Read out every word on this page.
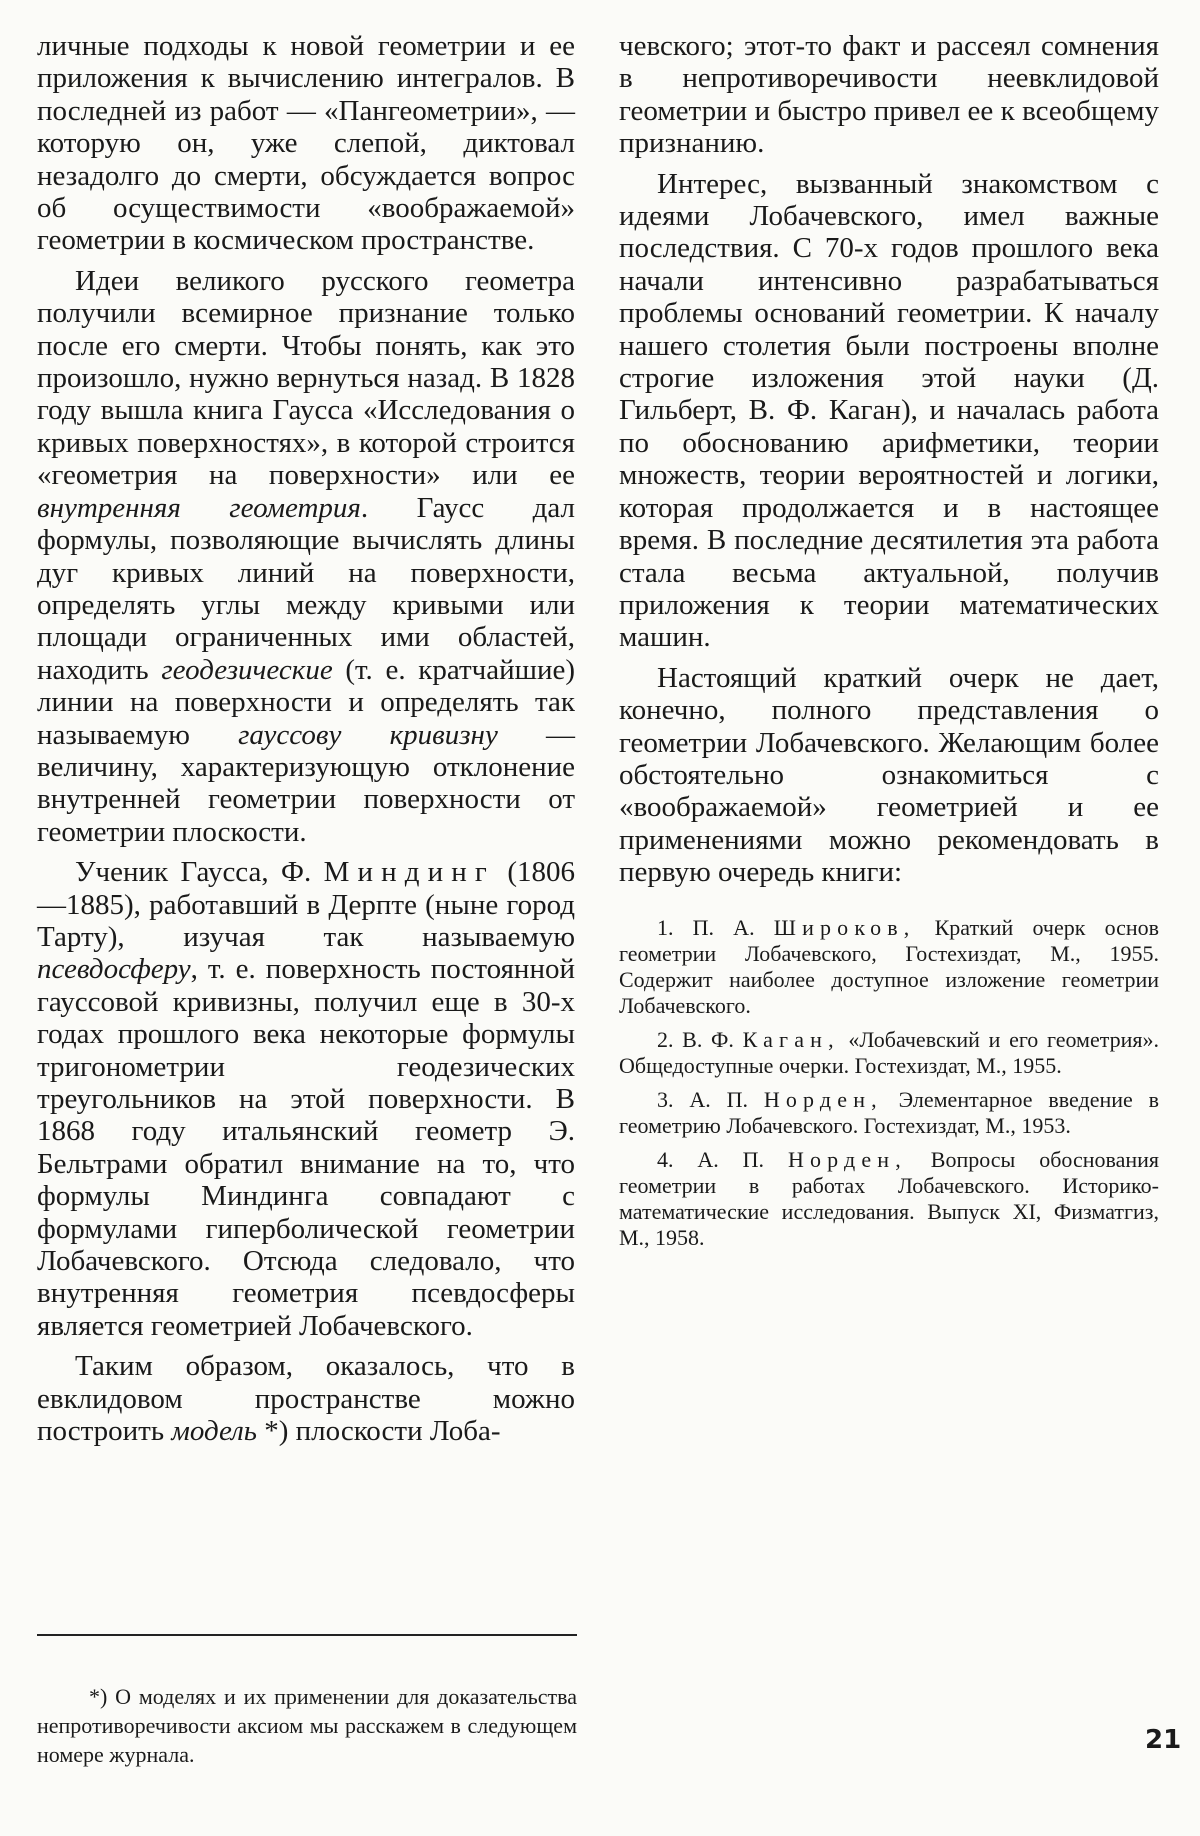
личные подходы к новой геометрии и ее приложения к вычислению интегралов. В последней из работ — «Пангеометрии», — которую он, уже слепой, диктовал незадолго до смерти, обсуждается вопрос об осуществимости «воображаемой» геометрии в космическом пространстве.

Идеи великого русского геометра получили всемирное признание только после его смерти. Чтобы понять, как это произошло, нужно вернуться назад. В 1828 году вышла книга Гаусса «Исследования о кривых поверхностях», в которой строится «геометрия на поверхности» или ее внутренняя геометрия. Гаусс дал формулы, позволяющие вычислять длины дуг кривых линий на поверхности, определять углы между кривыми или площади ограниченных ими областей, находить геодезические (т. е. кратчайшие) линии на поверхности и определять так называемую гауссову кривизну — величину, характеризующую отклонение внутренней геометрии поверхности от геометрии плоскости.

Ученик Гаусса, Ф. Миндинг (1806—1885), работавший в Дерпте (ныне город Тарту), изучая так называемую псевдосферу, т. е. поверхность постоянной гауссовой кривизны, получил еще в 30-х годах прошлого века некоторые формулы тригонометрии геодезических треугольников на этой поверхности. В 1868 году итальянский геометр Э. Бельтрами обратил внимание на то, что формулы Миндинга совпадают с формулами гиперболической геометрии Лобачевского. Отсюда следовало, что внутренняя геометрия псевдосферы является геометрией Лобачевского.

Таким образом, оказалось, что в евклидовом пространстве можно построить модель *) плоскости Лоба-

*) О моделях и их применении для доказательства непротиворечивости аксиом мы расскажем в следующем номере журнала.

чевского; этот-то факт и рассеял сомнения в непротиворечивости неевклидовой геометрии и быстро привел ее к всеобщему признанию.

Интерес, вызванный знакомством с идеями Лобачевского, имел важные последствия. С 70-х годов прошлого века начали интенсивно разрабатываться проблемы оснований геометрии. К началу нашего столетия были построены вполне строгие изложения этой науки (Д. Гильберт, В. Ф. Каган), и началась работа по обоснованию арифметики, теории множеств, теории вероятностей и логики, которая продолжается и в настоящее время. В последние десятилетия эта работа стала весьма актуальной, получив приложения к теории математических машин.

Настоящий краткий очерк не дает, конечно, полного представления о геометрии Лобачевского. Желающим более обстоятельно ознакомиться с «воображаемой» геометрией и ее применениями можно рекомендовать в первую очередь книги:

1. П. А. Широков, Краткий очерк основ геометрии Лобачевского, Гостехиздат, М., 1955. Содержит наиболее доступное изложение геометрии Лобачевского.

2. В. Ф. Каган, «Лобачевский и его геометрия». Общедоступные очерки. Гостехиздат, М., 1955.

3. А. П. Норден, Элементарное введение в геометрию Лобачевского. Гостехиздат, М., 1953.

4. А. П. Норден, Вопросы обоснования геометрии в работах Лобачевского. Историко-математические исследования. Выпуск XI, Физматгиз, М., 1958.

21
